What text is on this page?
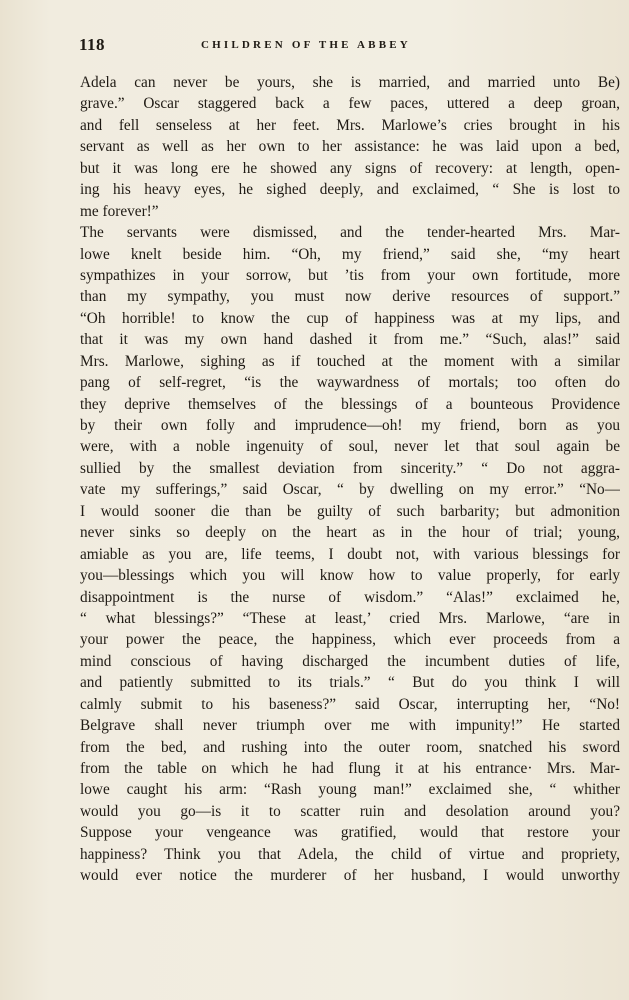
118	CHILDREN OF THE ABBEY
Adela can never be yours, she is married, and married unto Be)
grave.” Oscar staggered back a few paces, uttered a deep groan,
and fell senseless at her feet. Mrs. Marlowe’s cries brought in his
servant as well as her own to her assistance: he was laid upon a bed,
but it was long ere he showed any signs of recovery: at length, open-
ing his heavy eyes, he sighed deeply, and exclaimed, “ She is lost to
me forever!”
The servants were dismissed, and the tender-hearted Mrs. Mar-
lowe knelt beside him. “Oh, my friend,” said she, “my heart
sympathizes in your sorrow, but ’tis from your own fortitude, more
than my sympathy, you must now derive resources of support.”
“Oh horrible! to know the cup of happiness was at my lips, and
that it was my own hand dashed it from me.” “Such, alas!” said
Mrs. Marlowe, sighing as if touched at the moment with a similar
pang of self-regret, “is the waywardness of mortals; too often do
they deprive themselves of the blessings of a bounteous Providence
by their own folly and imprudence—oh! my friend, born as you
were, with a noble ingenuity of soul, never let that soul again be
sullied by the smallest deviation from sincerity.” “ Do not aggra-
vate my sufferings,” said Oscar, “ by dwelling on my error.” “No—
I would sooner die than be guilty of such barbarity; but admonition
never sinks so deeply on the heart as in the hour of trial; young,
amiable as you are, life teems, I doubt not, with various blessings for
you—blessings which you will know how to value properly, for early
disappointment is the nurse of wisdom.” “Alas!” exclaimed he,
“ what blessings?” “These at least,’ cried Mrs. Marlowe, “are in
your power the peace, the happiness, which ever proceeds from a
mind conscious of having discharged the incumbent duties of life,
and patiently submitted to its trials.” “ But do you think I will
calmly submit to his baseness?” said Oscar, interrupting her, “No!
Belgrave shall never triumph over me with impunity!” He started
from the bed, and rushing into the outer room, snatched his sword
from the table on which he had flung it at his entrance· Mrs. Mar-
lowe caught his arm: “Rash young man!” exclaimed she, “ whither
would you go—is it to scatter ruin and desolation around you?
Suppose your vengeance was gratified, would that restore your
happiness? Think you that Adela, the child of virtue and propriety,
would ever notice the murderer of her husband, I would unworthy
